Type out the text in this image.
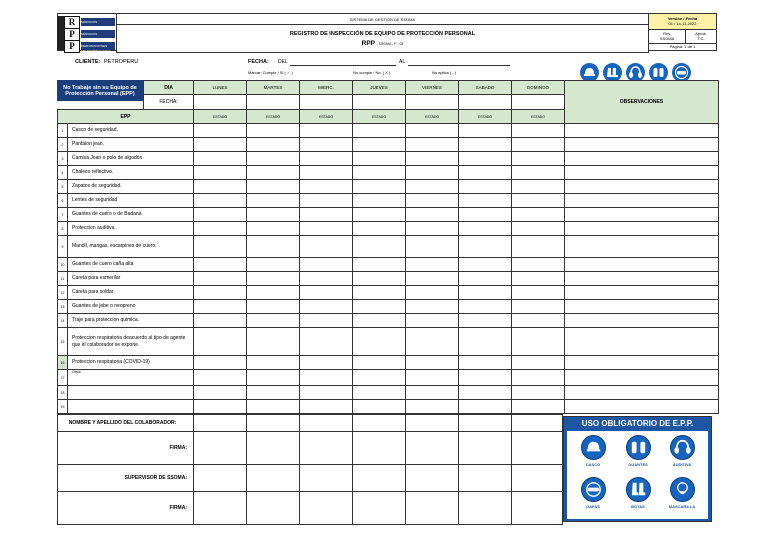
R
P
P
SERVICIOS
SERVICIOS
PERFORACIONES PETROLERAS S.A.C.
SISTEMA DE GESTIÓN DE SSOMA

REGISTRO DE INSPECCIÓN DE EQUIPO DE PROTECCIÓN PERSONAL
RPP - SSOMA - F - 03
Versión / Fecha
01 / 14-11-2022

Rev.
SSOMA

Aprob.
T.C.

Página: 1 de 1
CLIENTE: PETROPERU	FECHA: DEL	AL
Marcar: Cumple / Si ( ✓ )	No cumple / No. ( X )	No aplica ( - )
No Trabaje sin su Equipo de Protección Personal (EPP)
		DIA	LUNES	MARTES	MIERC.	JUEVES	VIERNES	SABADO	DOMINGO	OBSERVACIONES
		FECHA:								
EPP			ESTADO	ESTADO	ESTADO	ESTADO	ESTADO	ESTADO	ESTADO	
1	Casco de seguridad.									
2	Pantalon jean.									
3	Camisa Jean o polo de algodón.									
4	Chaleco reflectivo.									
5	Zapatos de seguridad.									
6	Lentes de seguridad									
7	Guantes de cuero o de Badana									
8	Proteccion auditiva.									
9	Mandil, mangas, escarpines de cuero.									
10	Guantes de cuero caña alta									
11	Careta para esmerilar									
12	Careta para soldar									
13	Guantes de jebe o neopreno									
14	Traje para proteccion quimica.									
15	Proteccion respiratoria deacuerdo al tipo de agente que el colaborador se expone.									
16	Proteccion respiratoria (COVID-19)									
17	Otros:									
18										
19										
NOMBRE Y APELLIDO DEL COLABORADOR:							
FIRMA:							
SUPERVISOR DE SSOMA:							
FIRMA:							
USO OBLIGATORIO DE E.P.P.
CASCO	GUANTES	AUDITIVA
GAFAS	BOTAS	MASCARILLA
